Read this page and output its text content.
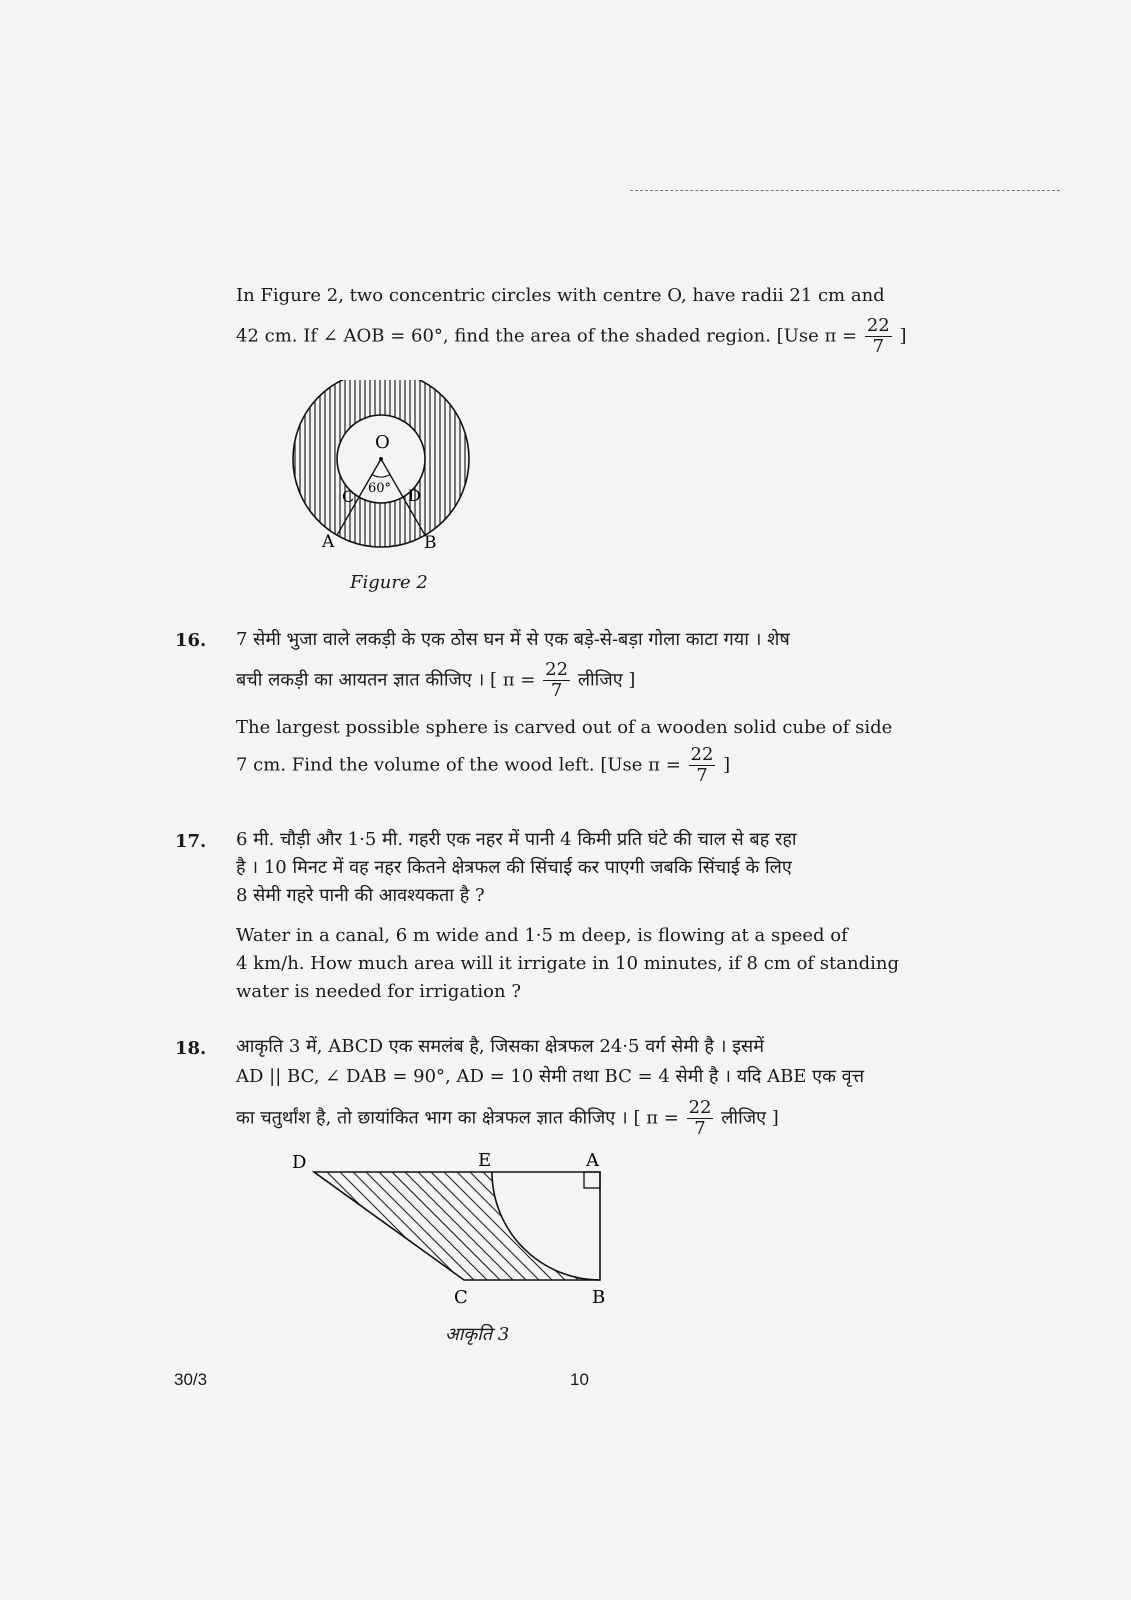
In Figure 2, two concentric circles with centre O, have radii 21 cm and

42 cm. If ∠ AOB = 60°, find the area of the shaded region. [Use $\pi = \frac{22}{7}$ ]

O
60°
C	D
A	B
Figure 2
16. 7 सेमी भुजा वाले लकड़ी के एक ठोस घन में से एक बड़े-से-बड़ा गोला काटा गया । शेष

बची लकड़ी का आयतन ज्ञात कीजिए । [ $\pi = \frac{22}{7}$ लीजिए ]

The largest possible sphere is carved out of a wooden solid cube of side

7 cm. Find the volume of the wood left. [Use $\pi = \frac{22}{7}$ ]

17. 6 मी. चौड़ी और 1·5 मी. गहरी एक नहर में पानी 4 किमी प्रति घंटे की चाल से बह रहा

है । 10 मिनट में वह नहर कितने क्षेत्रफल की सिंचाई कर पाएगी जबकि सिंचाई के लिए

8 सेमी गहरे पानी की आवश्यकता है ?

Water in a canal, 6 m wide and 1·5 m deep, is flowing at a speed of

4 km/h. How much area will it irrigate in 10 minutes, if 8 cm of standing

water is needed for irrigation ?

18. आकृति 3 में, ABCD एक समलंब है, जिसका क्षेत्रफल 24·5 वर्ग सेमी है । इसमें

AD || BC, ∠ DAB = 90°, AD = 10 सेमी तथा BC = 4 सेमी है । यदि ABE एक वृत्त

का चतुर्थांश है, तो छायांकित भाग का क्षेत्रफल ज्ञात कीजिए । [ $\pi = \frac{22}{7}$ लीजिए ]

D	E	A
C	B
आकृति 3
30/3	10
